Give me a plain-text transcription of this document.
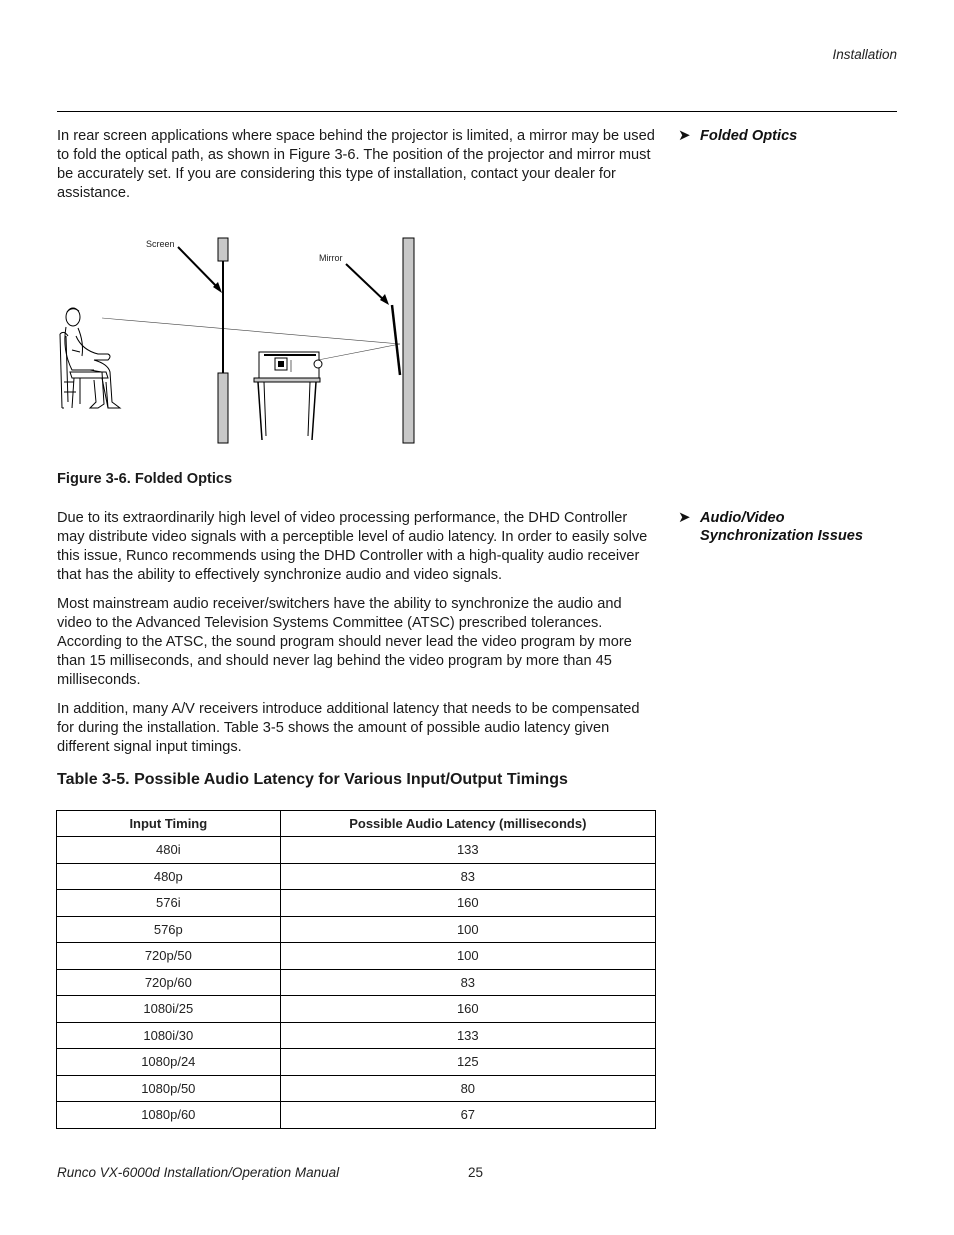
Installation
➤ Folded Optics

In rear screen applications where space behind the projector is limited, a mirror may be used to fold the optical path, as shown in Figure 3-6. The position of the projector and mirror must be accurately set. If you are considering this type of installation, contact your dealer for assistance.

Screen
Mirror
Figure 3-6. Folded Optics
➤ Audio/Video
Synchronization Issues

Due to its extraordinarily high level of video processing performance, the DHD Controller may distribute video signals with a perceptible level of audio latency. In order to easily solve this issue, Runco recommends using the DHD Controller with a high-quality audio receiver that has the ability to effectively synchronize audio and video signals.

Most mainstream audio receiver/switchers have the ability to synchronize the audio and video to the Advanced Television Systems Committee (ATSC) prescribed tolerances. According to the ATSC, the sound program should never lead the video program by more than 15 milliseconds, and should never lag behind the video program by more than 45 milliseconds.

In addition, many A/V receivers introduce additional latency that needs to be compensated for during the installation. Table 3-5 shows the amount of possible audio latency given different signal input timings.

Table 3-5. Possible Audio Latency for Various Input/Output Timings
Input Timing	Possible Audio Latency (milliseconds)
480i	133
480p	83
576i	160
576p	100
720p/50	100
720p/60	83
1080i/25	160
1080i/30	133
1080p/24	125
1080p/50	80
1080p/60	67
Runco VX-6000d Installation/Operation Manual	25
